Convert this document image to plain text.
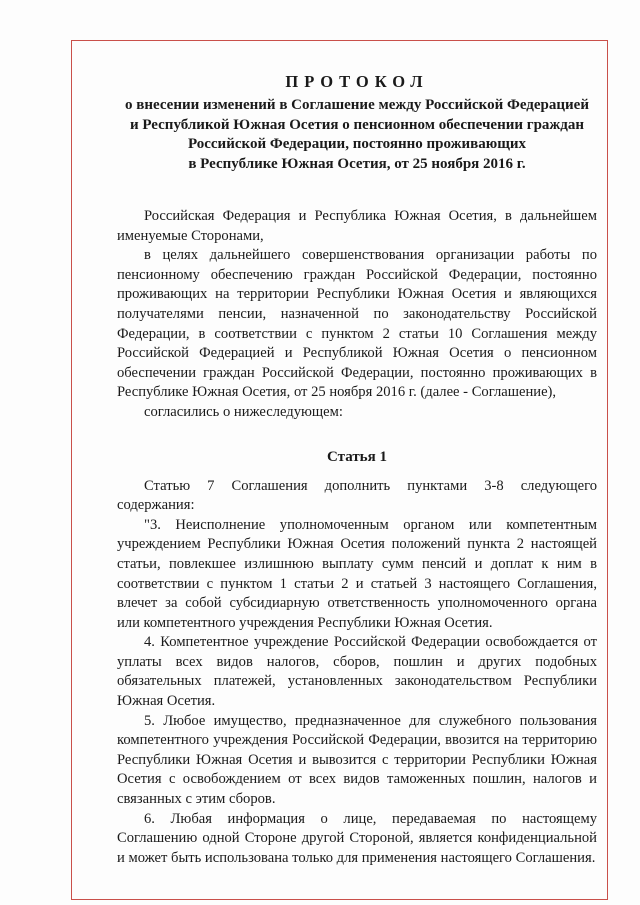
ПРОТОКОЛ
о внесении изменений в Соглашение между Российской Федерацией
и Республикой Южная Осетия о пенсионном обеспечении граждан
Российской Федерации, постоянно проживающих
в Республике Южная Осетия, от 25 ноября 2016 г.

Российская Федерация и Республика Южная Осетия, в дальнейшем именуемые Сторонами,

в целях дальнейшего совершенствования организации работы по пенсионному обеспечению граждан Российской Федерации, постоянно проживающих на территории Республики Южная Осетия и являющихся получателями пенсии, назначенной по законодательству Российской Федерации, в соответствии с пунктом 2 статьи 10 Соглашения между Российской Федерацией и Республикой Южная Осетия о пенсионном обеспечении граждан Российской Федерации, постоянно проживающих в Республике Южная Осетия, от 25 ноября 2016 г. (далее - Соглашение),

согласились о нижеследующем:

Статья 1

Статью 7 Соглашения дополнить пунктами 3-8 следующего содержания:

"3. Неисполнение уполномоченным органом или компетентным учреждением Республики Южная Осетия положений пункта 2 настоящей статьи, повлекшее излишнюю выплату сумм пенсий и доплат к ним в соответствии с пунктом 1 статьи 2 и статьей 3 настоящего Соглашения, влечет за собой субсидиарную ответственность уполномоченного органа или компетентного учреждения Республики Южная Осетия.

4. Компетентное учреждение Российской Федерации освобождается от уплаты всех видов налогов, сборов, пошлин и других подобных обязательных платежей, установленных законодательством Республики Южная Осетия.

5. Любое имущество, предназначенное для служебного пользования компетентного учреждения Российской Федерации, ввозится на территорию Республики Южная Осетия и вывозится с территории Республики Южная Осетия с освобождением от всех видов таможенных пошлин, налогов и связанных с этим сборов.

6. Любая информация о лице, передаваемая по настоящему Соглашению одной Стороне другой Стороной, является конфиденциальной и может быть использована только для применения настоящего Соглашения.
